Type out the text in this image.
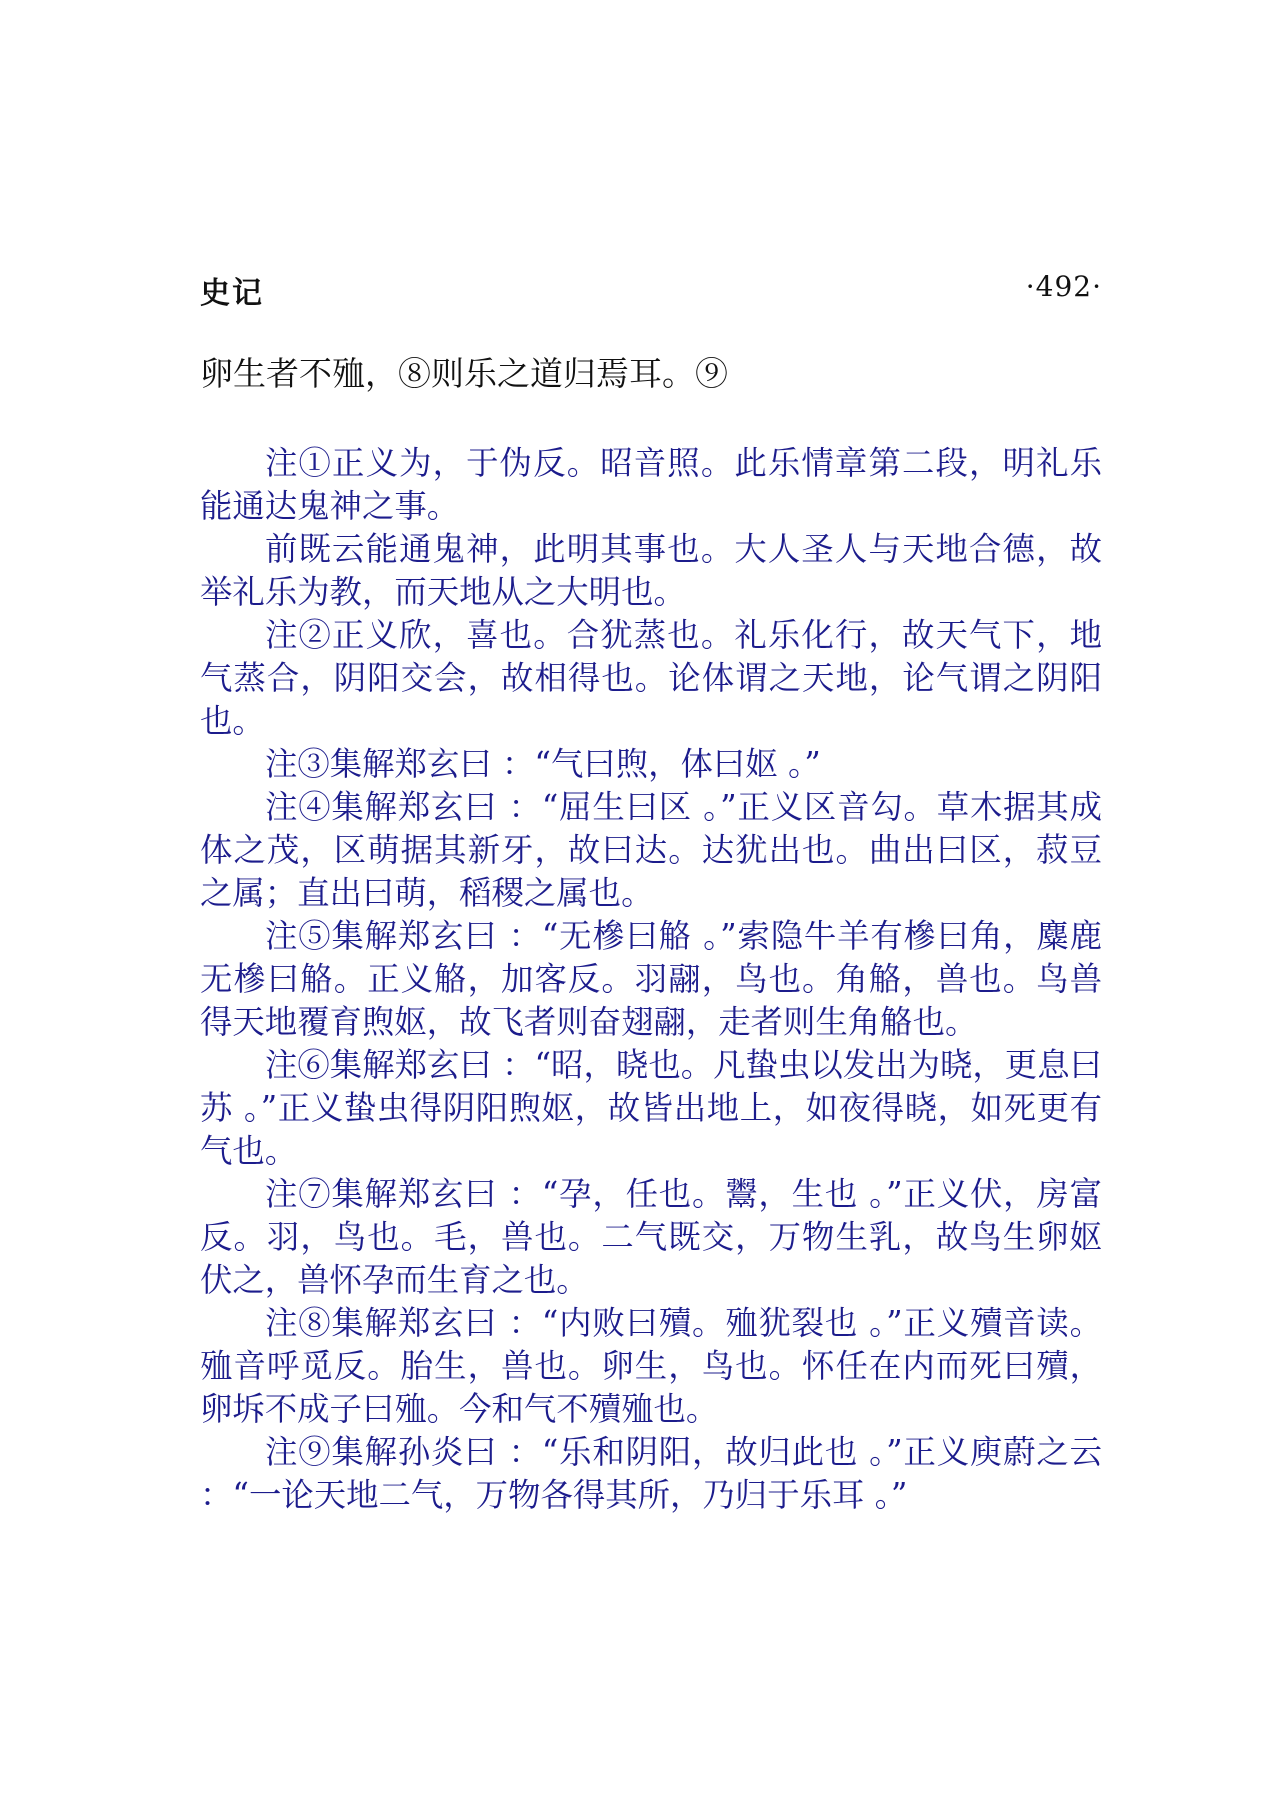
史记	·492·

卵生者不殈，⑧则乐之道归焉耳。⑨

注①正义为，于伪反。昭音照。此乐情章第二段，明礼乐能通达鬼神之事。

前既云能通鬼神，此明其事也。大人圣人与天地合德，故举礼乐为教，而天地从之大明也。

注②正义欣，喜也。合犹蒸也。礼乐化行，故天气下，地气蒸合，阴阳交会，故相得也。论体谓之天地，论气谓之阴阳也。

注③集解郑玄曰 ：“气曰煦，体曰妪 。”

注④集解郑玄曰 ：“屈生曰区 。”正义区音勾。草木据其成体之茂，区萌据其新牙，故曰达。达犹出也。曲出曰区，菽豆之属；直出曰萌，稻稷之属也。

注⑤集解郑玄曰 ：“无槮曰觡 。”索隐牛羊有槮曰角，麋鹿无槮曰觡。正义觡，加客反。羽翮，鸟也。角觡，兽也。鸟兽得天地覆育煦妪，故飞者则奋翅翮，走者则生角觡也。

注⑥集解郑玄曰 ：“昭，晓也。凡蛰虫以发出为晓，更息曰苏 。”正义蛰虫得阴阳煦妪，故皆出地上，如夜得晓，如死更有气也。

注⑦集解郑玄曰 ：“孕，任也。鬻，生也 。”正义伏，房富反。羽，鸟也。毛，兽也。二气既交，万物生乳，故鸟生卵妪伏之，兽怀孕而生育之也。

注⑧集解郑玄曰 ：“内败曰殰。殈犹裂也 。”正义殰音读。殈音呼觅反。胎生，兽也。卵生，鸟也。怀任在内而死曰殰，卵坼不成子曰殈。今和气不殰殈也。

注⑨集解孙炎曰 ：“乐和阴阳，故归此也 。”正义庾蔚之云 ：“一论天地二气，万物各得其所，乃归于乐耳 。”
